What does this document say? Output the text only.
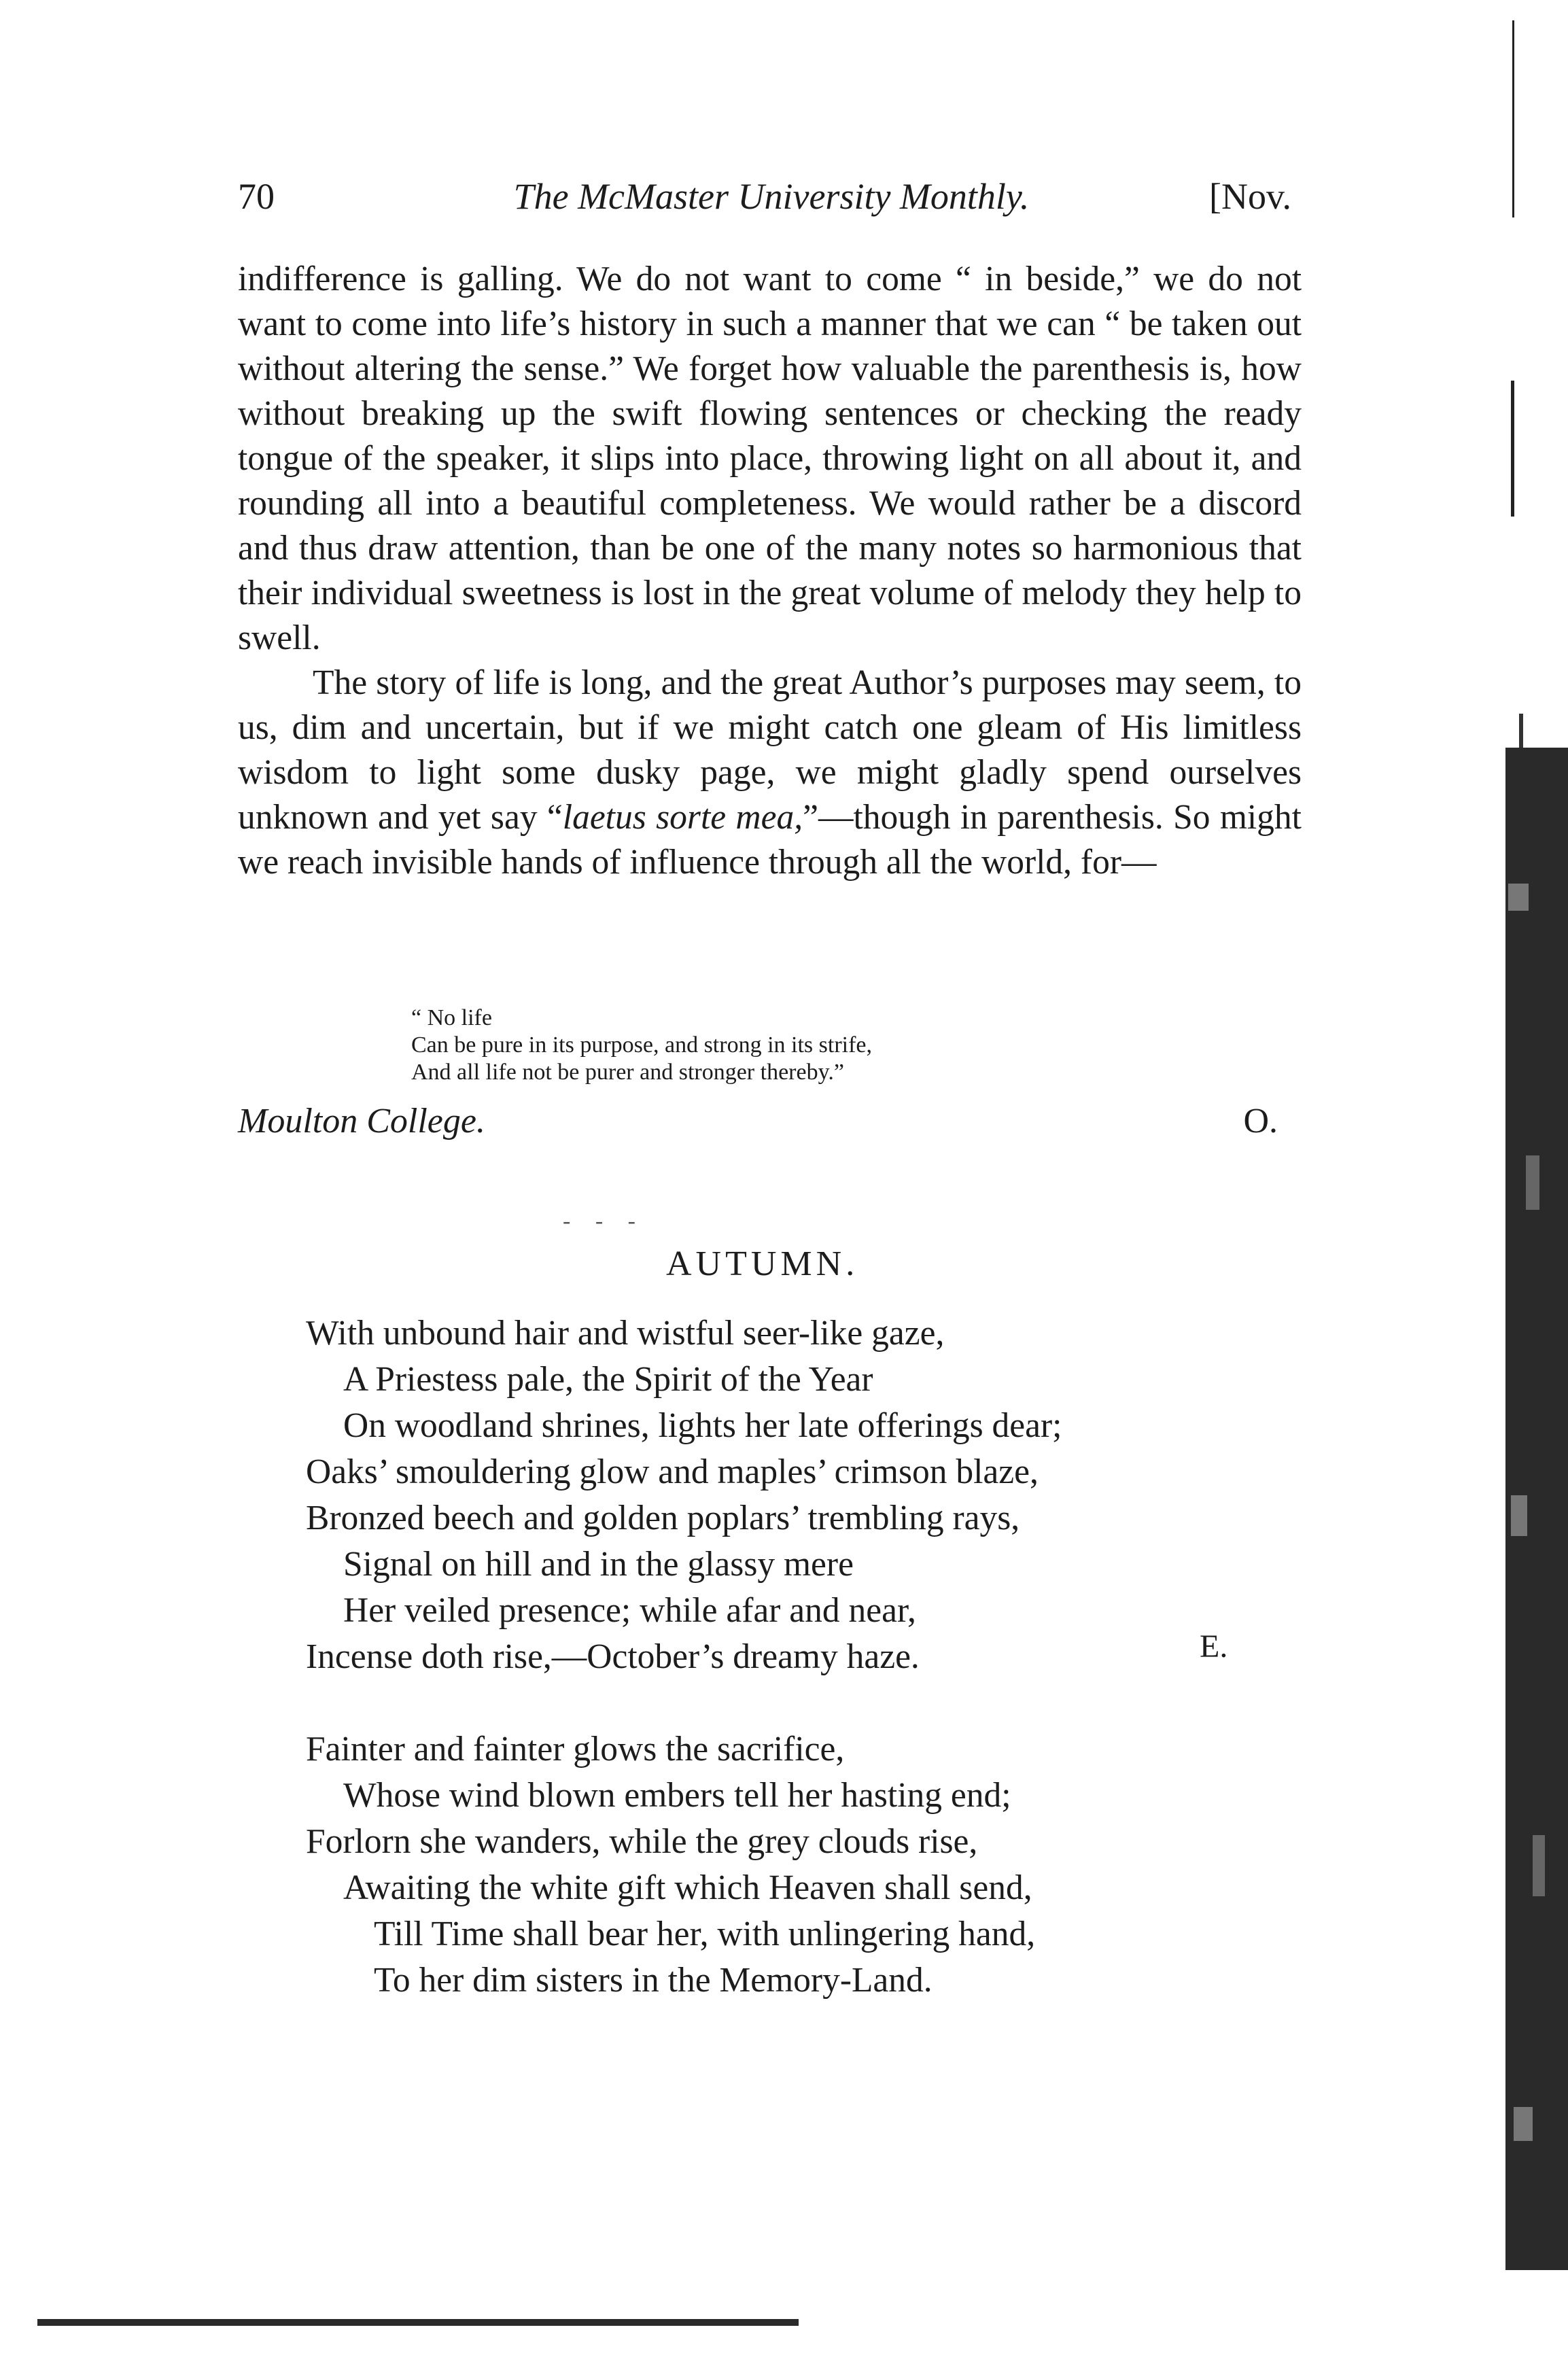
70	The McMaster University Monthly.	[Nov.

indifference is galling. We do not want to come “ in beside,” we do not want to come into life’s history in such a manner that we can “ be taken out without altering the sense.” We forget how valuable the parenthesis is, how without breaking up the swift flowing sentences or checking the ready tongue of the speaker, it slips into place, throwing light on all about it, and rounding all into a beautiful completeness. We would rather be a discord and thus draw attention, than be one of the many notes so harmonious that their individual sweetness is lost in the great volume of melody they help to swell.

The story of life is long, and the great Author’s purposes may seem, to us, dim and uncertain, but if we might catch one gleam of His limitless wisdom to light some dusky page, we might gladly spend ourselves unknown and yet say “laetus sorte mea,”—though in parenthesis. So might we reach invisible hands of influence through all the world, for—

“ No life
Can be pure in its purpose, and strong in its strife,
And all life not be purer and stronger thereby.”
Moulton College.	O.
- - -
AUTUMN.
With unbound hair and wistful seer-like gaze,
A Priestess pale, the Spirit of the Year
On woodland shrines, lights her late offerings dear;
Oaks’ smouldering glow and maples’ crimson blaze,
Bronzed beech and golden poplars’ trembling rays,
Signal on hill and in the glassy mere
Her veiled presence; while afar and near,
Incense doth rise,—October’s dreamy haze.
Fainter and fainter glows the sacrifice,
Whose wind blown embers tell her hasting end;
Forlorn she wanders, while the grey clouds rise,
Awaiting the white gift which Heaven shall send,
Till Time shall bear her, with unlingering hand,
To her dim sisters in the Memory-Land.
E.
